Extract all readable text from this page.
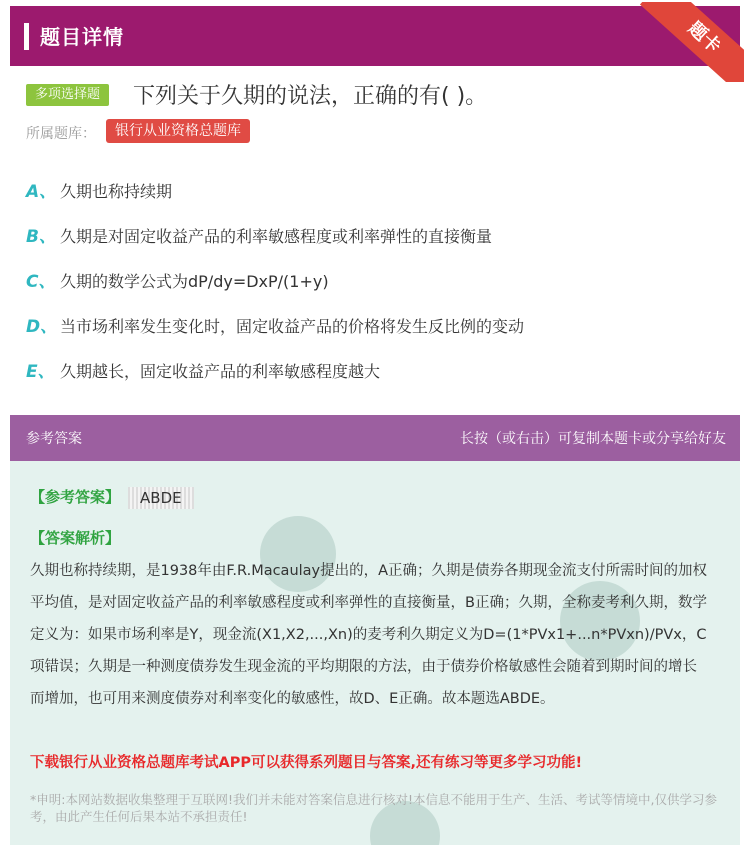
题目详情	题卡
多项选择题	下列关于久期的说法，正确的有( )。
所属题库：	银行从业资格总题库
A、 久期也称持续期
B、 久期是对固定收益产品的利率敏感程度或利率弹性的直接衡量
C、 久期的数学公式为dP/dy=DxP/(1+y)
D、 当市场利率发生变化时，固定收益产品的价格将发生反比例的变动
E、 久期越长，固定收益产品的利率敏感程度越大
参考答案	长按（或右击）可复制本题卡或分享给好友
【参考答案】 ABDE
【答案解析】
久期也称持续期，是1938年由F.R.Macaulay提出的，A正确；久期是债券各期现金流支付所需时间的加权平均值，是对固定收益产品的利率敏感程度或利率弹性的直接衡量，B正确；久期，全称麦考利久期，数学定义为：如果市场利率是Y，现金流(X1,X2,...,Xn)的麦考利久期定义为D=(1*PVx1+...n*PVxn)/PVx，C项错误；久期是一种测度债券发生现金流的平均期限的方法，由于债券价格敏感性会随着到期时间的增长而增加，也可用来测度债券对利率变化的敏感性，故D、E正确。故本题选ABDE。
下载银行从业资格总题库考试APP可以获得系列题目与答案,还有练习等更多学习功能!
*申明:本网站数据收集整理于互联网!我们并未能对答案信息进行核对!本信息不能用于生产、生活、考试等情境中,仅供学习参考，由此产生任何后果本站不承担责任!
